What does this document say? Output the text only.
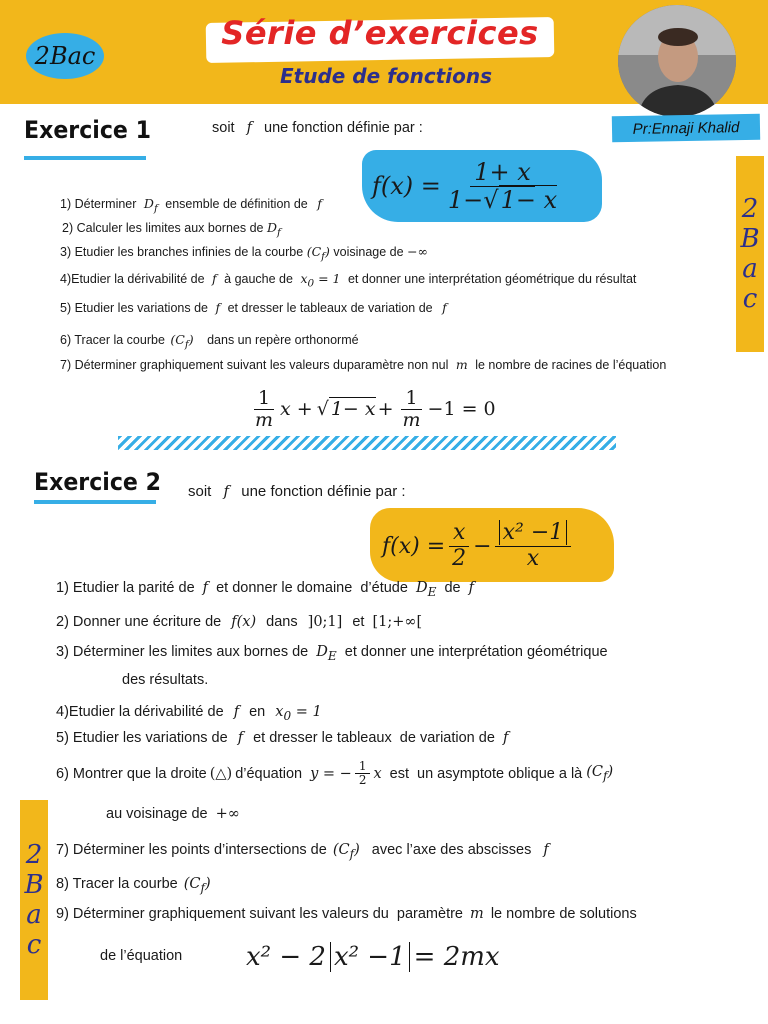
2Bac
Série d’exercices
Etude de fonctions
Pr:Ennaji Khalid
2
B
a
c
2
B
a
c
Exercice 1	soit f une fonction définie par :
$f(x) = \frac{1+ x}{1-√1- x}$
1) Déterminer $D_f$ ensemble de définition de f
2) Calculer les limites aux bornes de $D_f$
3) Etudier les branches infinies de la courbe $(C_f)$ voisinage de −∞
4)Etudier la dérivabilité de f à gauche de $x_0 = 1$ et donner une interprétation géométrique du résultat
5) Etudier les variations de f et dresser le tableaux de variation de f
6) Tracer la courbe $(C_f)$ dans un repère orthonormé
7) Déterminer graphiquement suivant les valeurs duparamètre non nul m le nombre de racines de l’équation
$\frac{1}{m}$ x + √ $1- x + \frac{1}{m} -1 = 0$
Exercice 2 soit f une fonction définie par :
$f(x) = \frac{x}{2} - \frac{\text{x² −1}}{x}$
1) Etudier la parité de f et donner le domaine d’étude $D_E$ de f
2) Donner une écriture de f(x) dans ]0;1] et [1;+∞[
3) Déterminer les limites aux bornes de $D_E$ et donner une interprétation géométrique
des résultats.
4)Etudier la dérivabilité de f en $x_0 = 1$
5) Etudier les variations de f et dresser le tableaux de variation de f
6) Montrer que la droite (△) d’équation y = − $\frac{1}{2}$ x est un asymptote oblique a là $(C_f)$
au voisinage de +∞
7) Déterminer les points d’intersections de $(C_f)$ avec l’axe des abscisses f
8) Tracer la courbe $(C_f)$
9) Déterminer graphiquement suivant les valeurs du paramètre m le nombre de solutions
de l’équation x² − 2 x² −1 = 2mx
